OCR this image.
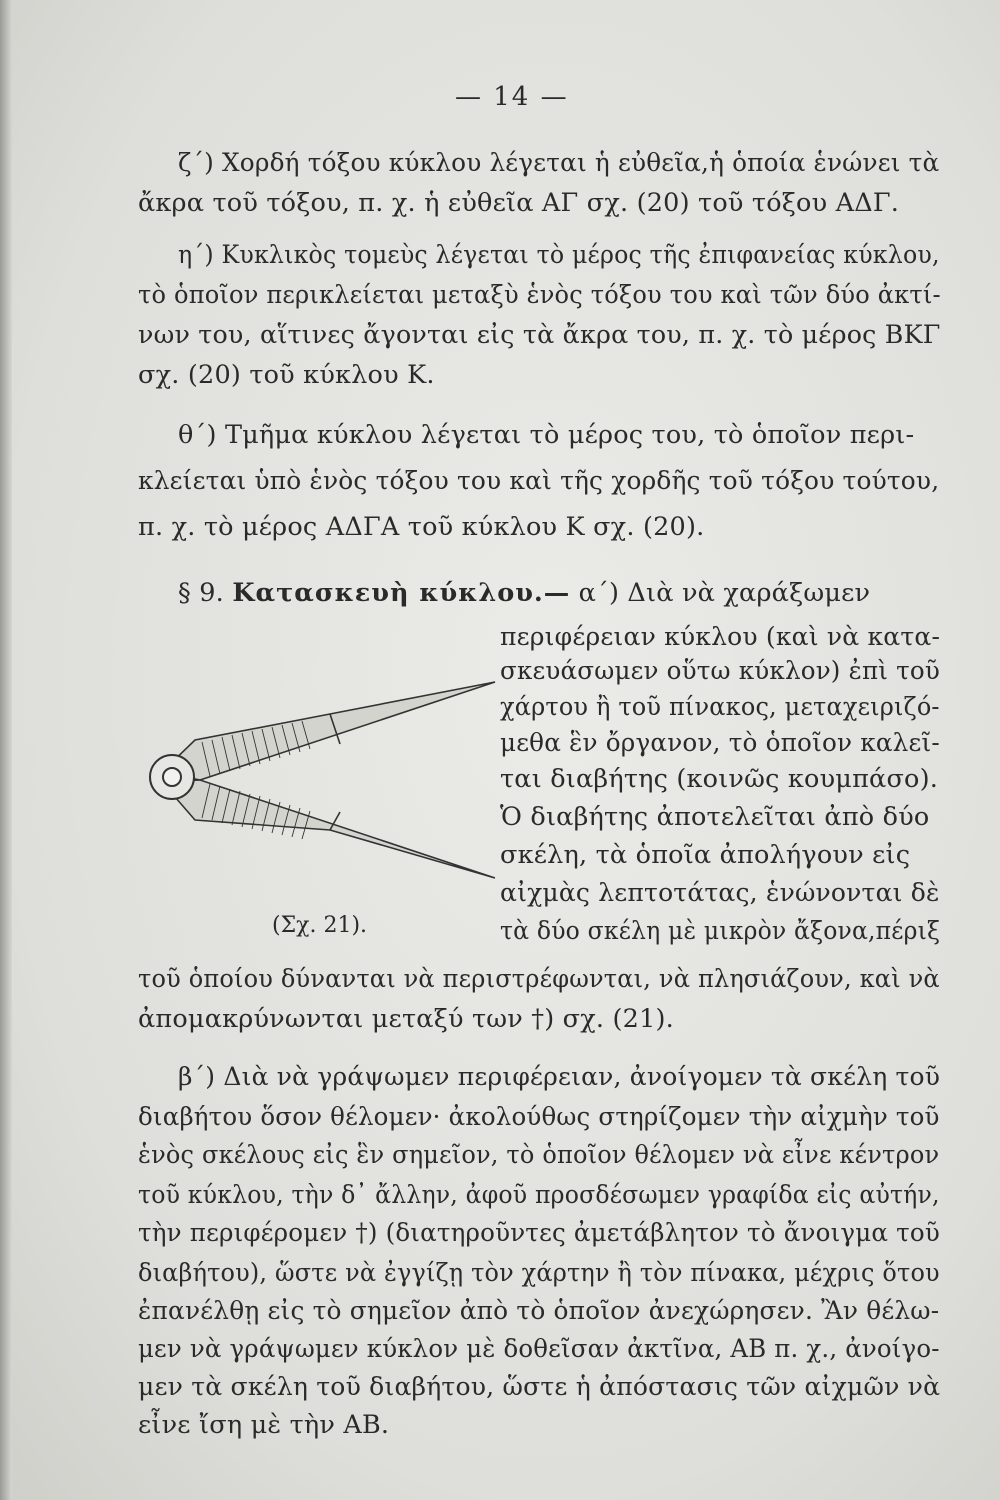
— 14 —
ζ΄) Χορδή τόξου κύκλου λέγεται ἡ εὐθεῖα,ἡ ὁποία ἑνώνει τὰ
ἄκρα τοῦ τόξου, π. χ. ἡ εὐθεῖα ΑΓ σχ. (20) τοῦ τόξου ΑΔΓ.
η΄) Κυκλικὸς τομεὺς λέγεται τὸ μέρος τῆς ἐπιφανείας κύκλου,
τὸ ὁποῖον περικλείεται μεταξὺ ἑνὸς τόξου του καὶ τῶν δύο ἀκτί-
νων του, αἵτινες ἄγονται εἰς τὰ ἄκρα του, π. χ. τὸ μέρος ΒΚΓ
σχ. (20) τοῦ κύκλου Κ.
θ΄) Τμῆμα κύκλου λέγεται τὸ μέρος του, τὸ ὁποῖον περι-
κλείεται ὑπὸ ἑνὸς τόξου του καὶ τῆς χορδῆς τοῦ τόξου τούτου,
π. χ. τὸ μέρος ΑΔΓΑ τοῦ κύκλου Κ σχ. (20).
§ 9. Κατασκευὴ κύκλου.— α΄) Διὰ νὰ χαράξωμεν
περιφέρειαν κύκλου (καὶ νὰ κατα-
σκευάσωμεν οὕτω κύκλον) ἐπὶ τοῦ
χάρτου ἢ τοῦ πίνακος, μεταχειριζό-
μεθα ἓν ὄργανον, τὸ ὁποῖον καλεῖ-
ται διαβήτης (κοινῶς κουμπάσο).
Ὁ διαβήτης ἀποτελεῖται ἀπὸ δύο
σκέλη, τὰ ὁποῖα ἀπολήγουν εἰς
αἰχμὰς λεπτοτάτας, ἑνώνονται δὲ
τὰ δύο σκέλη μὲ μικρὸν ἄξονα,πέριξ
(Σχ. 21).
τοῦ ὁποίου δύνανται νὰ περιστρέφωνται, νὰ πλησιάζουν, καὶ νὰ
ἀπομακρύνωνται μεταξύ των †) σχ. (21).
β΄) Διὰ νὰ γράψωμεν περιφέρειαν, ἀνοίγομεν τὰ σκέλη τοῦ
διαβήτου ὅσον θέλομεν· ἀκολούθως στηρίζομεν τὴν αἰχμὴν τοῦ
ἑνὸς σκέλους εἰς ἓν σημεῖον, τὸ ὁποῖον θέλομεν νὰ εἶνε κέντρον
τοῦ κύκλου, τὴν δ᾽ ἄλλην, ἀφοῦ προσδέσωμεν γραφίδα εἰς αὐτήν,
τὴν περιφέρομεν †) (διατηροῦντες ἀμετάβλητον τὸ ἄνοιγμα τοῦ
διαβήτου), ὥστε νὰ ἐγγίζῃ τὸν χάρτην ἢ τὸν πίνακα, μέχρις ὅτου
ἐπανέλθῃ εἰς τὸ σημεῖον ἀπὸ τὸ ὁποῖον ἀνεχώρησεν. Ἂν θέλω-
μεν νὰ γράψωμεν κύκλον μὲ δοθεῖσαν ἀκτῖνα, ΑΒ π. χ., ἀνοίγο-
μεν τὰ σκέλη τοῦ διαβήτου, ὥστε ἡ ἀπόστασις τῶν αἰχμῶν νὰ
εἶνε ἴση μὲ τὴν ΑΒ.
